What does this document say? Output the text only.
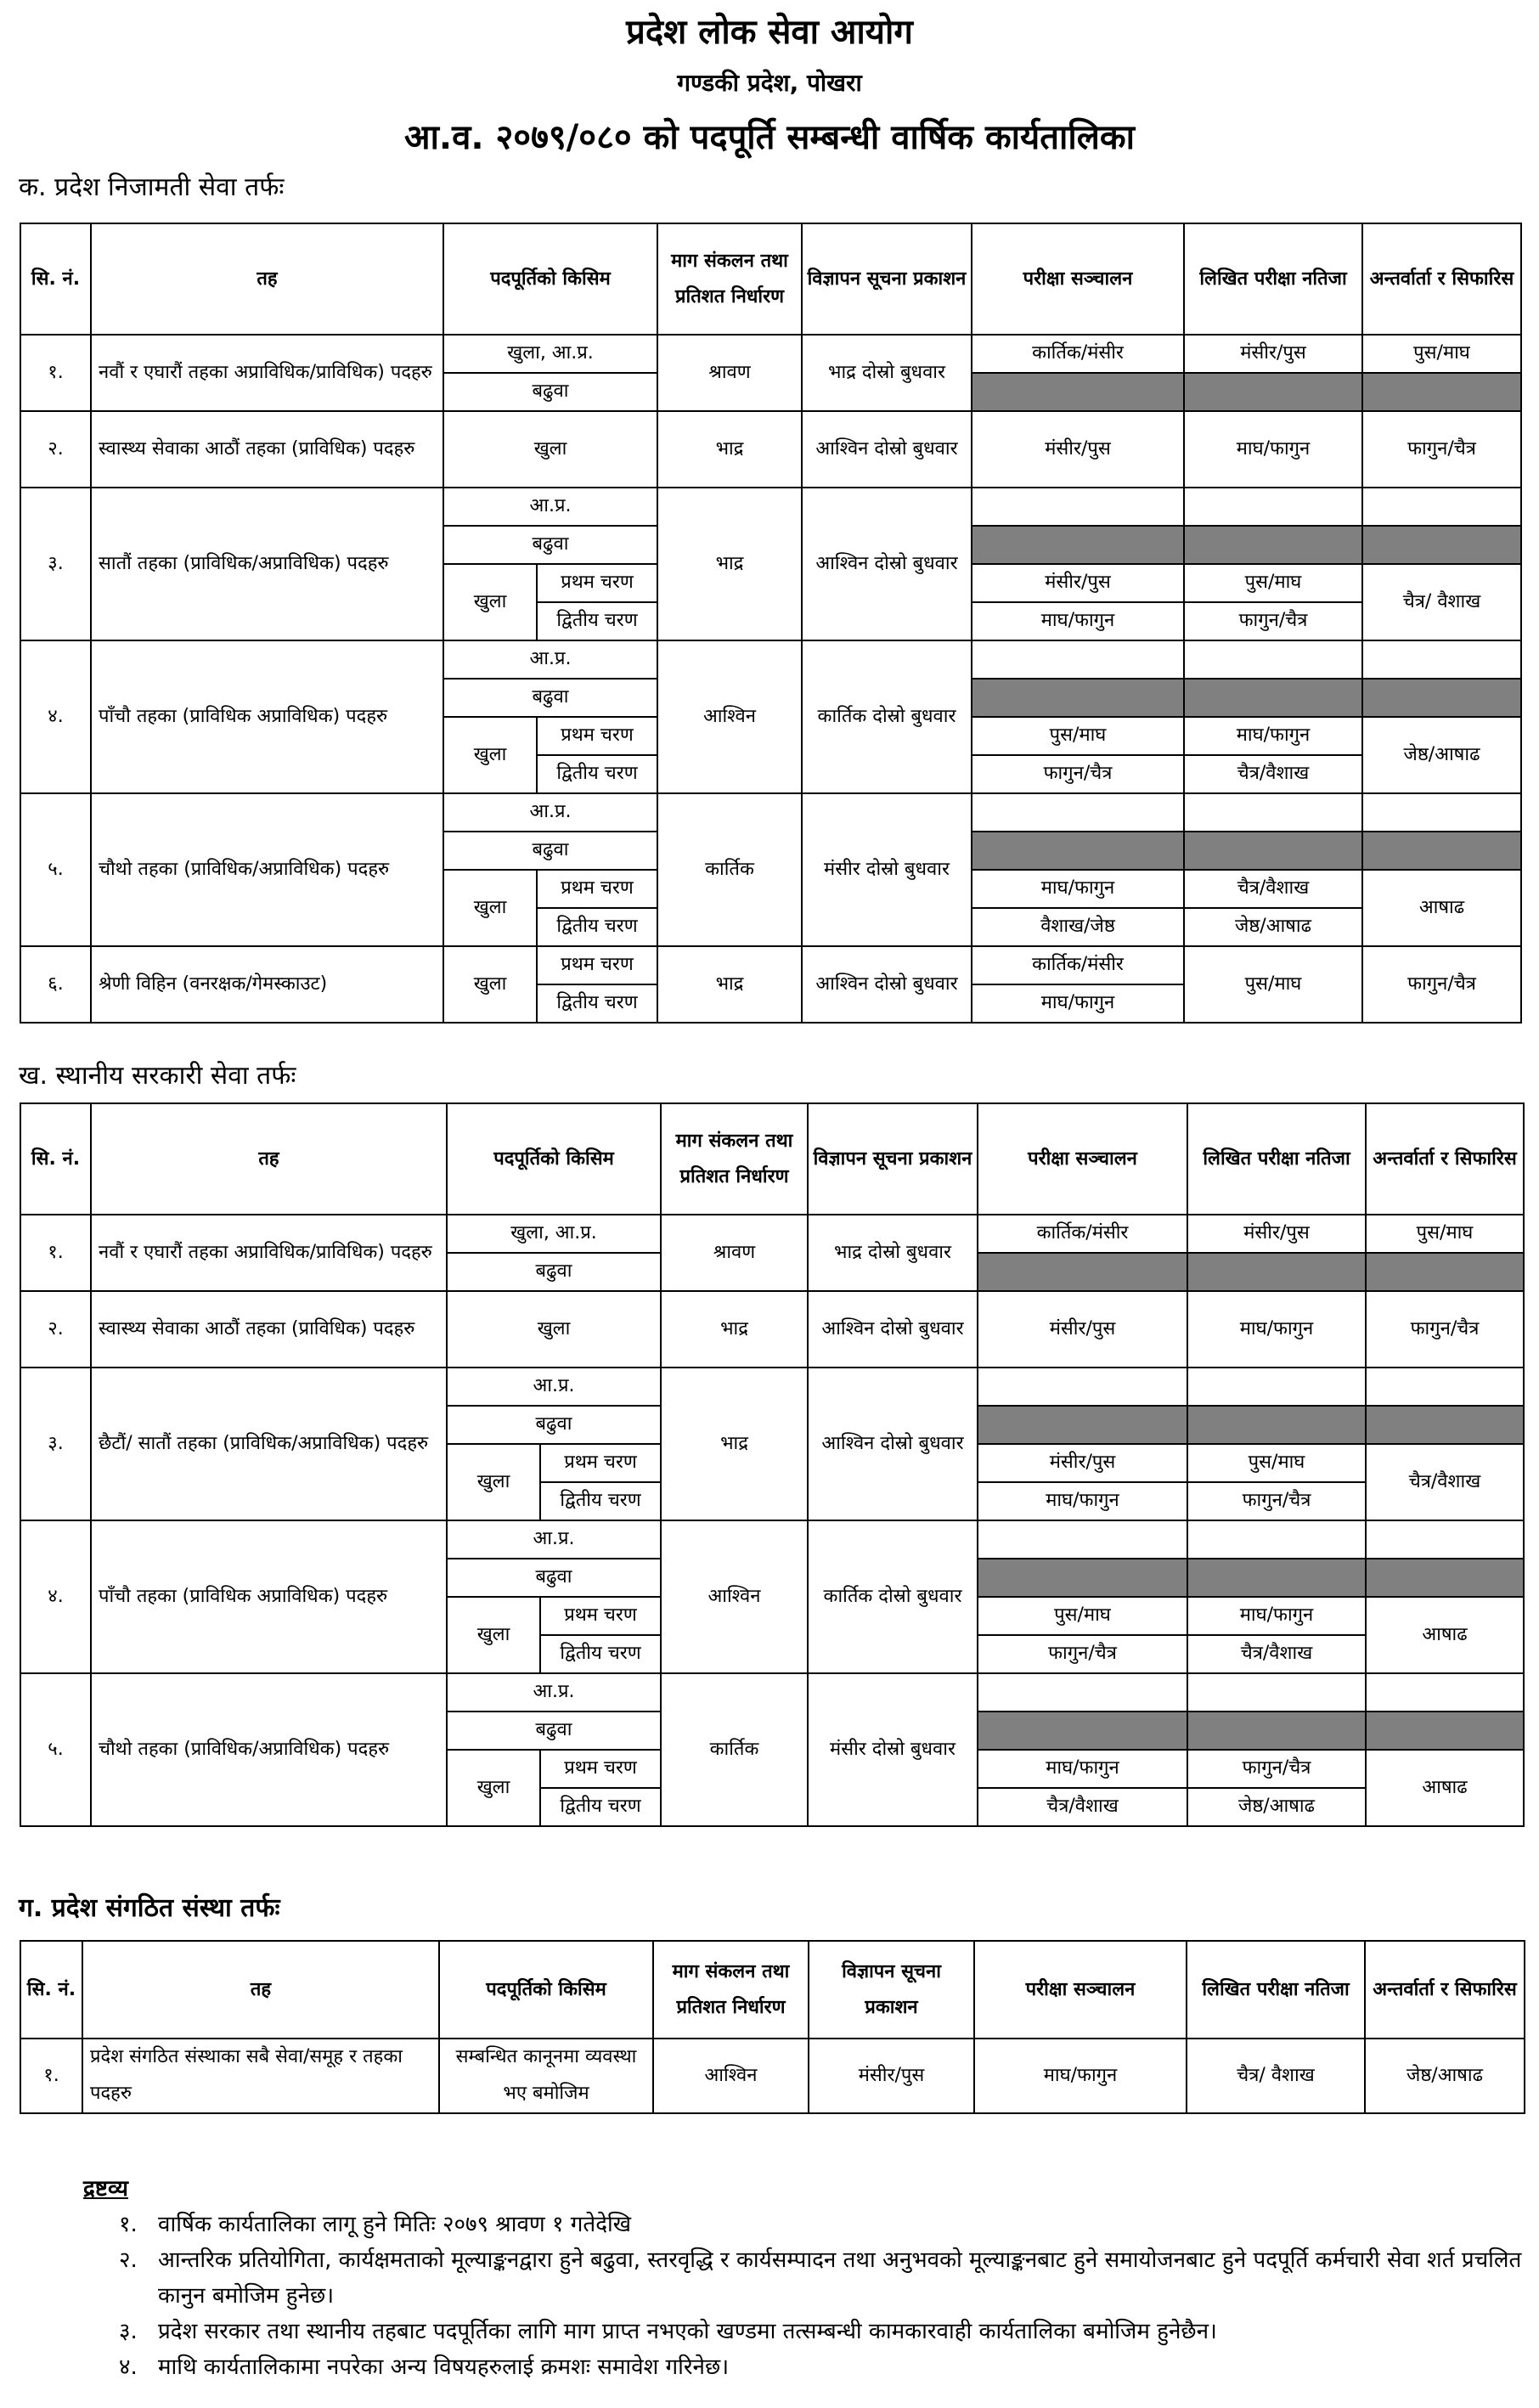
प्रदेश लोक सेवा आयोग
गण्डकी प्रदेश, पोखरा
आ.व. २०७९/०८० को पदपूर्ति सम्बन्धी वार्षिक कार्यतालिका
क. प्रदेश निजामती सेवा तर्फः
सि. नं.	तह	पदपूर्तिको किसिम		माग संकलन तथा प्रतिशत निर्धारण	विज्ञापन सूचना प्रकाशन	परीक्षा सञ्चालन	लिखित परीक्षा नतिजा	अन्तर्वार्ता र सिफारिस
१.	नवौं र एघारौं तहका अप्राविधिक/प्राविधिक) पदहरु	खुला, आ.प्र.		श्रावण	भाद्र दोस्रो बुधवार	कार्तिक/मंसीर	मंसीर/पुस	पुस/माघ
		बढुवा						
२.	स्वास्थ्य सेवाका आठौं तहका (प्राविधिक) पदहरु	खुला		भाद्र	आश्विन दोस्रो बुधवार	मंसीर/पुस	माघ/फागुन	फागुन/चैत्र
३.	सातौं तहका (प्राविधिक/अप्राविधिक) पदहरु	आ.प्र.		भाद्र	आश्विन दोस्रो बुधवार			
		बढुवा						
		खुला	प्रथम चरण			मंसीर/पुस	पुस/माघ	चैत्र/ वैशाख
			द्वितीय चरण			माघ/फागुन	फागुन/चैत्र	
४.	पाँचौ तहका (प्राविधिक अप्राविधिक) पदहरु	आ.प्र.		आश्विन	कार्तिक दोस्रो बुधवार			
		बढुवा						
		खुला	प्रथम चरण			पुस/माघ	माघ/फागुन	जेष्ठ/आषाढ
			द्वितीय चरण			फागुन/चैत्र	चैत्र/वैशाख	
५.	चौथो तहका (प्राविधिक/अप्राविधिक) पदहरु	आ.प्र.		कार्तिक	मंसीर दोस्रो बुधवार			
		बढुवा						
		खुला	प्रथम चरण			माघ/फागुन	चैत्र/वैशाख	आषाढ
			द्वितीय चरण			वैशाख/जेष्ठ	जेष्ठ/आषाढ	
६.	श्रेणी विहिन (वनरक्षक/गेमस्काउट)	खुला	प्रथम चरण	भाद्र	आश्विन दोस्रो बुधवार	कार्तिक/मंसीर	पुस/माघ	फागुन/चैत्र
			द्वितीय चरण			माघ/फागुन		
ख. स्थानीय सरकारी सेवा तर्फः
सि. नं.	तह	पदपूर्तिको किसिम		माग संकलन तथा प्रतिशत निर्धारण	विज्ञापन सूचना प्रकाशन	परीक्षा सञ्चालन	लिखित परीक्षा नतिजा	अन्तर्वार्ता र सिफारिस
१.	नवौं र एघारौं तहका अप्राविधिक/प्राविधिक) पदहरु	खुला, आ.प्र.		श्रावण	भाद्र दोस्रो बुधवार	कार्तिक/मंसीर	मंसीर/पुस	पुस/माघ
		बढुवा						
२.	स्वास्थ्य सेवाका आठौं तहका (प्राविधिक) पदहरु	खुला		भाद्र	आश्विन दोस्रो बुधवार	मंसीर/पुस	माघ/फागुन	फागुन/चैत्र
३.	छैटौं/ सातौं तहका (प्राविधिक/अप्राविधिक) पदहरु	आ.प्र.		भाद्र	आश्विन दोस्रो बुधवार			
		बढुवा						
		खुला	प्रथम चरण			मंसीर/पुस	पुस/माघ	चैत्र/वैशाख
			द्वितीय चरण			माघ/फागुन	फागुन/चैत्र	
४.	पाँचौ तहका (प्राविधिक अप्राविधिक) पदहरु	आ.प्र.		आश्विन	कार्तिक दोस्रो बुधवार			
		बढुवा						
		खुला	प्रथम चरण			पुस/माघ	माघ/फागुन	आषाढ
			द्वितीय चरण			फागुन/चैत्र	चैत्र/वैशाख	
५.	चौथो तहका (प्राविधिक/अप्राविधिक) पदहरु	आ.प्र.		कार्तिक	मंसीर दोस्रो बुधवार			
		बढुवा						
		खुला	प्रथम चरण			माघ/फागुन	फागुन/चैत्र	आषाढ
			द्वितीय चरण			चैत्र/वैशाख	जेष्ठ/आषाढ	
ग. प्रदेश संगठित संस्था तर्फः
सि. नं.	तह	पदपूर्तिको किसिम	माग संकलन तथा प्रतिशत निर्धारण	विज्ञापन सूचना प्रकाशन	परीक्षा सञ्चालन	लिखित परीक्षा नतिजा	अन्तर्वार्ता र सिफारिस
१.	प्रदेश संगठित संस्थाका सबै सेवा/समूह र तहका पदहरु	सम्बन्धित कानूनमा व्यवस्था भए बमोजिम	आश्विन	मंसीर/पुस	माघ/फागुन	चैत्र/ वैशाख	जेष्ठ/आषाढ
द्रष्टव्य
१. वार्षिक कार्यतालिका लागू हुने मितिः २०७९ श्रावण १ गतेदेखि
२. आन्तरिक प्रतियोगिता, कार्यक्षमताको मूल्याङ्कनद्वारा हुने बढुवा, स्तरवृद्धि र कार्यसम्पादन तथा अनुभवको मूल्याङ्कनबाट हुने समायोजनबाट हुने पदपूर्ति कर्मचारी सेवा शर्त प्रचलित कानुन बमोजिम हुनेछ।
३. प्रदेश सरकार तथा स्थानीय तहबाट पदपूर्तिका लागि माग प्राप्त नभएको खण्डमा तत्सम्बन्धी कामकारवाही कार्यतालिका बमोजिम हुनेछैन।
४. माथि कार्यतालिकामा नपरेका अन्य विषयहरुलाई क्रमशः समावेश गरिनेछ।
